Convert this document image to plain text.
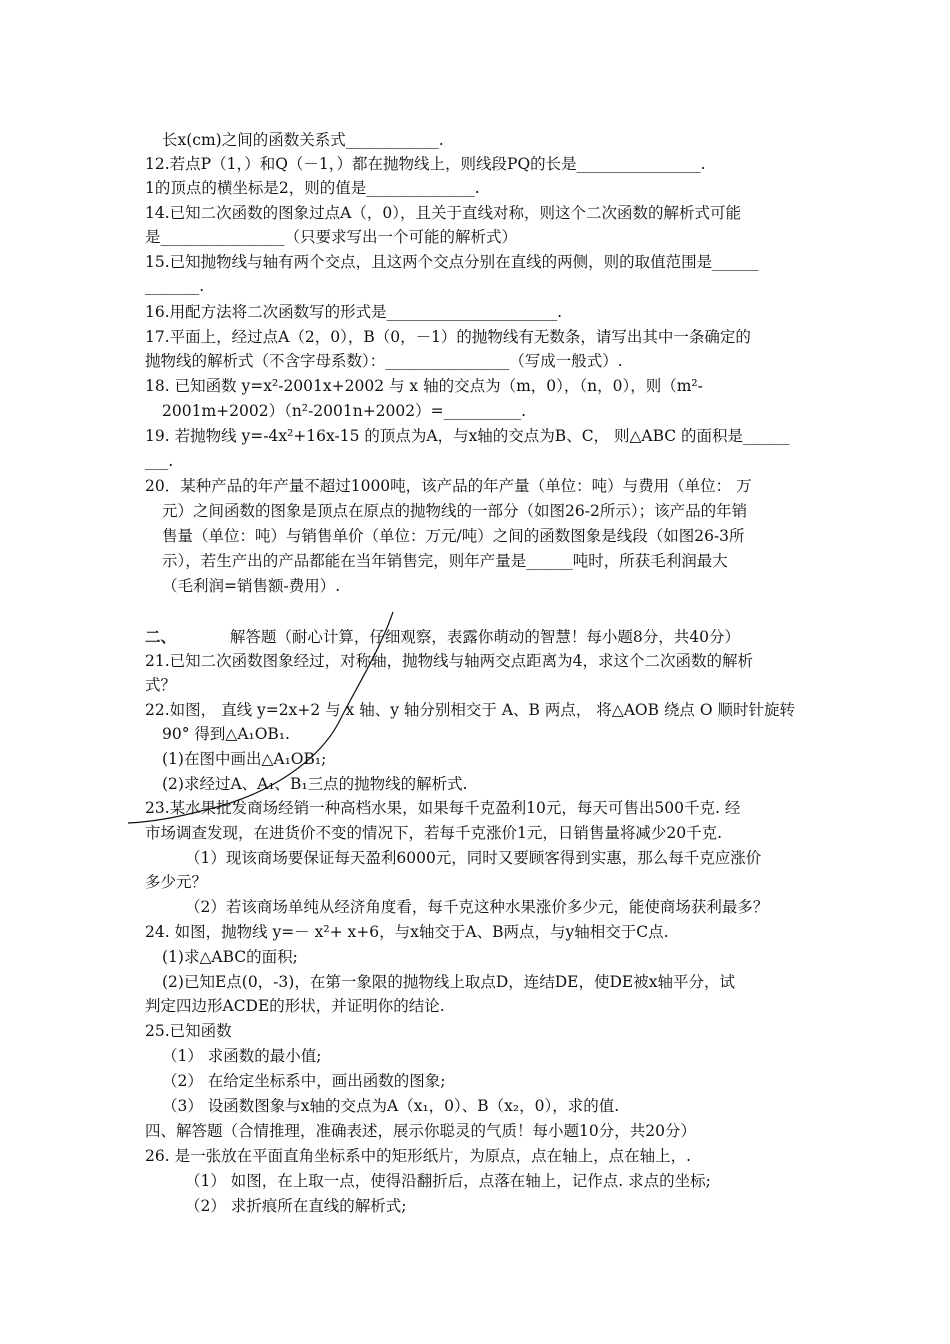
长x(cm)之间的函数关系式____________.
12.若点P（1，）和Q（－1，）都在抛物线上，则线段PQ的长是________________.
1的顶点的横坐标是2，则的值是______________.
14.已知二次函数的图象过点A（，0），且关于直线对称，则这个二次函数的解析式可能
是________________（只要求写出一个可能的解析式）
15.已知抛物线与轴有两个交点，且这两个交点分别在直线的两侧，则的取值范围是______
_______.
16.用配方法将二次函数写的形式是______________________.
17.平面上，经过点A（2，0），B（0，－1）的抛物线有无数条，请写出其中一条确定的
抛物线的解析式（不含字母系数）：________________（写成一般式）.
18. 已知函数 y=x²-2001x+2002 与 x 轴的交点为（m，0），（n，0），则（m²-
2001m+2002）（n²-2001n+2002）=__________.
19. 若抛物线 y=-4x²+16x-15 的顶点为A，与x轴的交点为B、C， 则△ABC 的面积是______
___.
20．某种产品的年产量不超过1000吨，该产品的年产量（单位：吨）与费用（单位： 万
元）之间函数的图象是顶点在原点的抛物线的一部分（如图26-2所示）；该产品的年销
售量（单位：吨）与销售单价（单位：万元/吨）之间的函数图象是线段（如图26-3所
示），若生产出的产品都能在当年销售完，则年产量是______吨时，所获毛利润最大
（毛利润=销售额-费用）.
二、	解答题（耐心计算，仔细观察，表露你萌动的智慧！每小题8分，共40分）
21.已知二次函数图象经过，对称轴，抛物线与轴两交点距离为4，求这个二次函数的解析
式？
22.如图， 直线 y=2x+2 与 x 轴、y 轴分别相交于 A、B 两点， 将△AOB 绕点 O 顺时针旋转
90° 得到△A₁OB₁.
(1)在图中画出△A₁OB₁;
(2)求经过A、A₁、B₁三点的抛物线的解析式.
23.某水果批发商场经销一种高档水果，如果每千克盈利10元，每天可售出500千克. 经
市场调查发现，在进货价不变的情况下，若每千克涨价1元，日销售量将减少20千克.
（1）现该商场要保证每天盈利6000元，同时又要顾客得到实惠，那么每千克应涨价
多少元？
（2）若该商场单纯从经济角度看，每千克这种水果涨价多少元，能使商场获利最多？
24. 如图，抛物线 y=－ x²+ x+6，与x轴交于A、B两点，与y轴相交于C点.
(1)求△ABC的面积;
(2)已知E点(0，-3)，在第一象限的抛物线上取点D，连结DE，使DE被x轴平分，试
判定四边形ACDE的形状，并证明你的结论.
25.已知函数
（1） 求函数的最小值;
（2） 在给定坐标系中，画出函数的图象;
（3） 设函数图象与x轴的交点为A（x₁，0）、B（x₂，0），求的值.
四、解答题（合情推理，准确表述，展示你聪灵的气质！每小题10分，共20分）
26. 是一张放在平面直角坐标系中的矩形纸片，为原点，点在轴上，点在轴上，.
（1） 如图，在上取一点，使得沿翻折后，点落在轴上，记作点. 求点的坐标;
（2） 求折痕所在直线的解析式;
